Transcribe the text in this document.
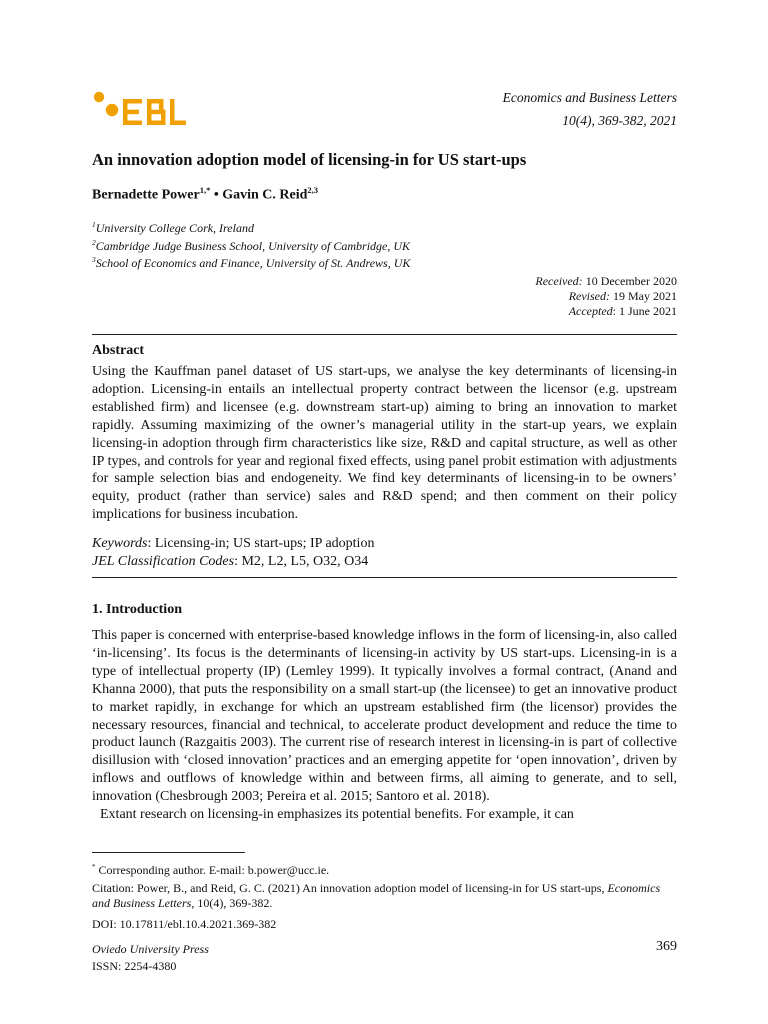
Economics and Business Letters
10(4), 369-382, 2021
An innovation adoption model of licensing-in for US start-ups
Bernadette Power$^{1,*}$ • Gavin C. Reid$^{2,3}$
$^1$University College Cork, Ireland
$^2$Cambridge Judge Business School, University of Cambridge, UK
$^3$School of Economics and Finance, University of St. Andrews, UK
Received: 10 December 2020
Revised: 19 May 2021
Accepted: 1 June 2021
Abstract
Using the Kauffman panel dataset of US start-ups, we analyse the key determinants of licensing-in adoption. Licensing-in entails an intellectual property contract between the licensor (e.g. upstream established firm) and licensee (e.g. downstream start-up) aiming to bring an innovation to market rapidly. Assuming maximizing of the owner’s managerial utility in the start-up years, we explain licensing-in adoption through firm characteristics like size, R&D and capital structure, as well as other IP types, and controls for year and regional fixed effects, using panel probit estimation with adjustments for sample selection bias and endogeneity. We find key determinants of licensing-in to be owners’ equity, product (rather than service) sales and R&D spend; and then comment on their policy implications for business incubation.
Keywords: Licensing-in; US start-ups; IP adoption
JEL Classification Codes: M2, L2, L5, O32, O34
1. Introduction
This paper is concerned with enterprise-based knowledge inflows in the form of licensing-in, also called ‘in-licensing’. Its focus is the determinants of licensing-in activity by US start-ups. Licensing-in is a type of intellectual property (IP) (Lemley 1999). It typically involves a formal contract, (Anand and Khanna 2000), that puts the responsibility on a small start-up (the licensee) to get an innovative product to market rapidly, in exchange for which an upstream established firm (the licensor) provides the necessary resources, financial and technical, to accelerate product development and reduce the time to product launch (Razgaitis 2003). The current rise of research interest in licensing-in is part of collective disillusion with ‘closed innovation’ practices and an emerging appetite for ‘open innovation’, driven by inflows and outflows of knowledge within and between firms, all aiming to generate, and to sell, innovation (Chesbrough 2003; Pereira et al. 2015; Santoro et al. 2018).
Extant research on licensing-in emphasizes its potential benefits. For example, it can
* Corresponding author. E-mail: b.power@ucc.ie.
Citation: Power, B., and Reid, G. C. (2021) An innovation adoption model of licensing-in for US start-ups, Economics and Business Letters, 10(4), 369-382.
DOI: 10.17811/ebl.10.4.2021.369-382
Oviedo University Press
ISSN: 2254-4380
369
